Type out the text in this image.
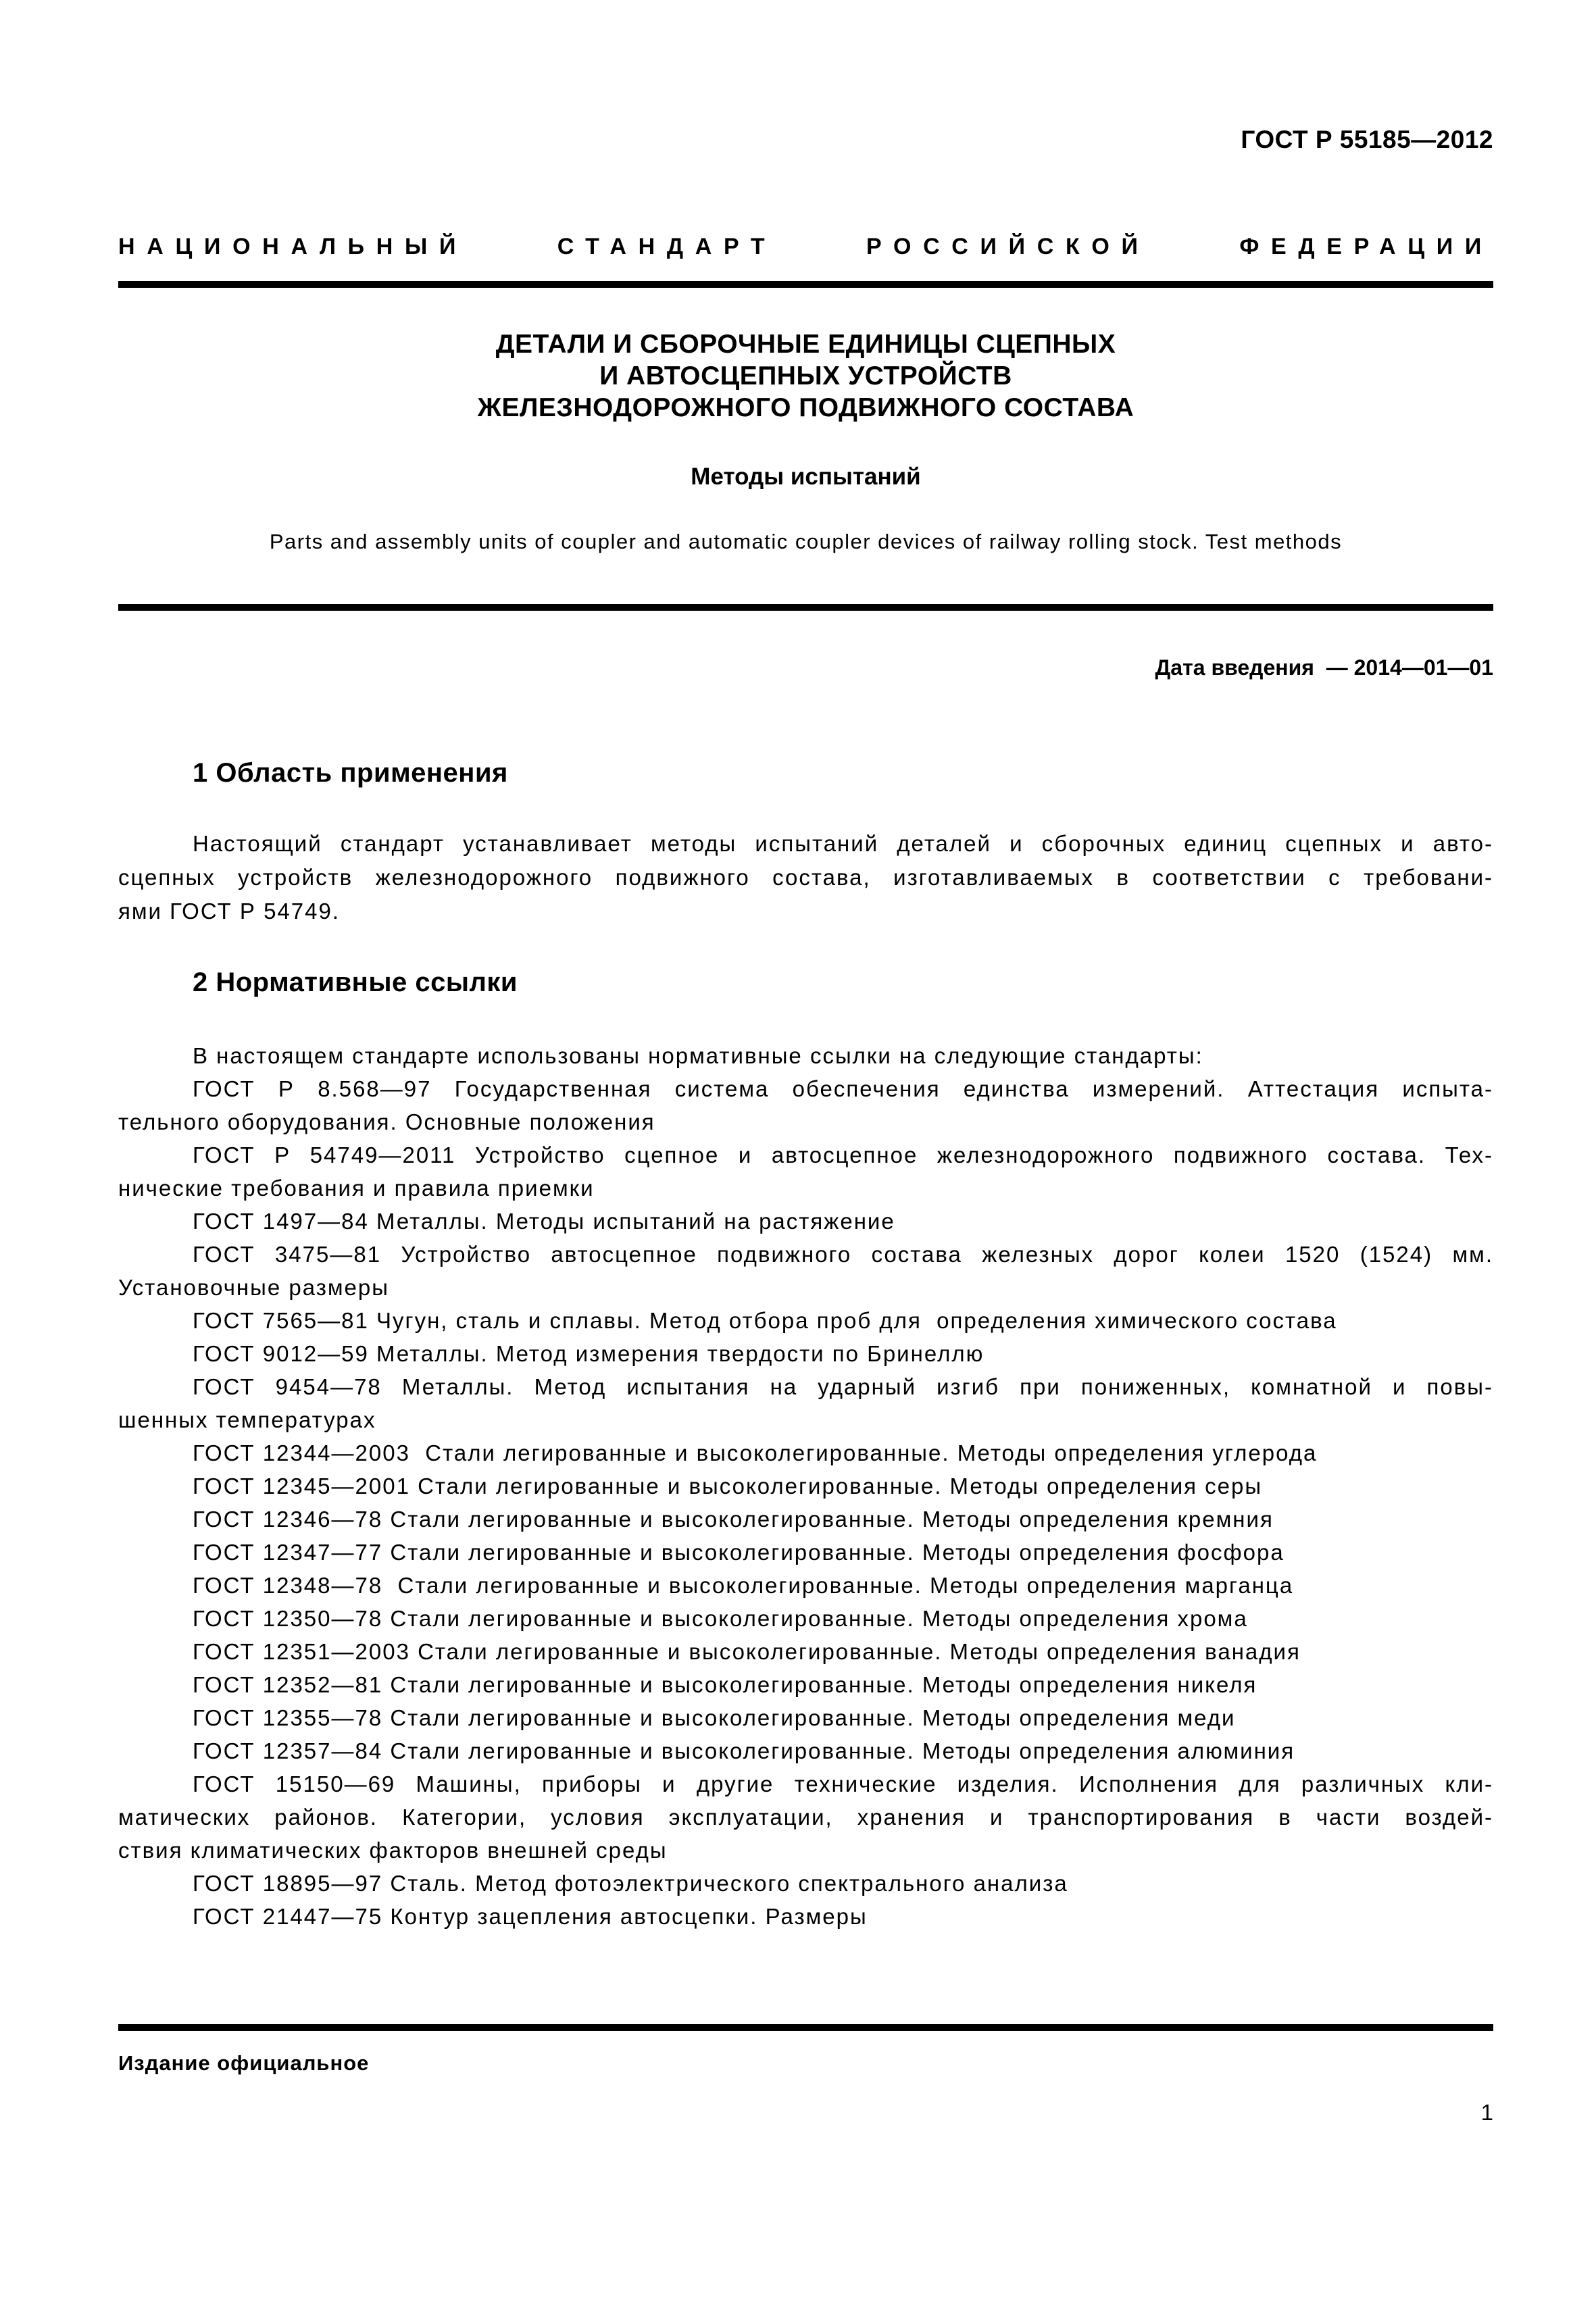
ГОСТ Р 55185—2012
НАЦИОНАЛЬНЫЙ СТАНДАРТ РОССИЙСКОЙ ФЕДЕРАЦИИ
ДЕТАЛИ И СБОРОЧНЫЕ ЕДИНИЦЫ СЦЕПНЫХ
И АВТОСЦЕПНЫХ УСТРОЙСТВ
ЖЕЛЕЗНОДОРОЖНОГО ПОДВИЖНОГО СОСТАВА
Методы испытаний
Parts and assembly units of coupler and automatic coupler devices of railway rolling stock. Test methods
Дата введения  — 2014—01—01
1 Область применения
Настоящий стандарт устанавливает методы испытаний деталей и сборочных единиц сцепных и авто-
сцепных устройств железнодорожного подвижного состава, изготавливаемых в соответствии с требовани-
ями ГОСТ Р 54749.
2 Нормативные ссылки
В настоящем стандарте использованы нормативные ссылки на следующие стандарты:
ГОСТ Р 8.568—97 Государственная система обеспечения единства измерений. Аттестация испыта-
тельного оборудования. Основные положения
ГОСТ Р 54749—2011 Устройство сцепное и автосцепное железнодорожного подвижного состава. Тех-
нические требования и правила приемки
ГОСТ 1497—84 Металлы. Методы испытаний на растяжение
ГОСТ 3475—81 Устройство автосцепное подвижного состава железных дорог колеи 1520 (1524) мм.
Установочные размеры
ГОСТ 7565—81 Чугун, сталь и сплавы. Метод отбора проб для  определения химического состава
ГОСТ 9012—59 Металлы. Метод измерения твердости по Бринеллю
ГОСТ 9454—78 Металлы. Метод испытания на ударный изгиб при пониженных, комнатной и повы-
шенных температурах
ГОСТ 12344—2003  Стали легированные и высоколегированные. Методы определения углерода
ГОСТ 12345—2001 Стали легированные и высоколегированные. Методы определения серы
ГОСТ 12346—78 Стали легированные и высоколегированные. Методы определения кремния
ГОСТ 12347—77 Стали легированные и высоколегированные. Методы определения фосфора
ГОСТ 12348—78  Стали легированные и высоколегированные. Методы определения марганца
ГОСТ 12350—78 Стали легированные и высоколегированные. Методы определения хрома
ГОСТ 12351—2003 Стали легированные и высоколегированные. Методы определения ванадия
ГОСТ 12352—81 Стали легированные и высоколегированные. Методы определения никеля
ГОСТ 12355—78 Стали легированные и высоколегированные. Методы определения меди
ГОСТ 12357—84 Стали легированные и высоколегированные. Методы определения алюминия
ГОСТ 15150—69 Машины, приборы и другие технические изделия. Исполнения для различных кли-
матических районов. Категории, условия эксплуатации, хранения и транспортирования в части воздей-
ствия климатических факторов внешней среды
ГОСТ 18895—97 Сталь. Метод фотоэлектрического спектрального анализа
ГОСТ 21447—75 Контур зацепления автосцепки. Размеры
Издание официальное
1
